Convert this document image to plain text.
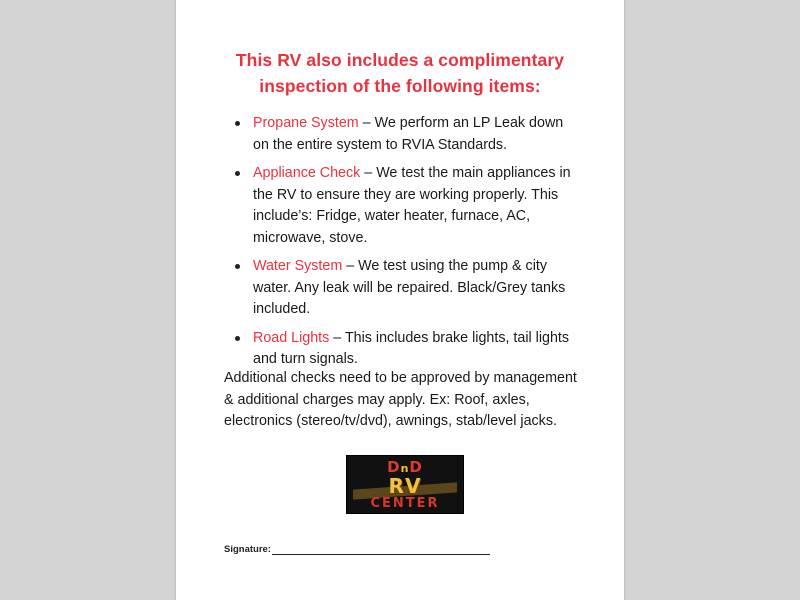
This RV also includes a complimentary
inspection of the following items:
Propane System – We perform an LP Leak down on the entire system to RVIA Standards.
Appliance Check – We test the main appliances in the RV to ensure they are working properly. This include’s: Fridge, water heater, furnace, AC, microwave, stove.
Water System – We test using the pump & city water. Any leak will be repaired. Black/Grey tanks included.
Road Lights – This includes brake lights, tail lights and turn signals.
Additional checks need to be approved by management & additional charges may apply. Ex: Roof, axles, electronics (stereo/tv/dvd), awnings, stab/level jacks.
DnD
RV
CENTER
Signature:
